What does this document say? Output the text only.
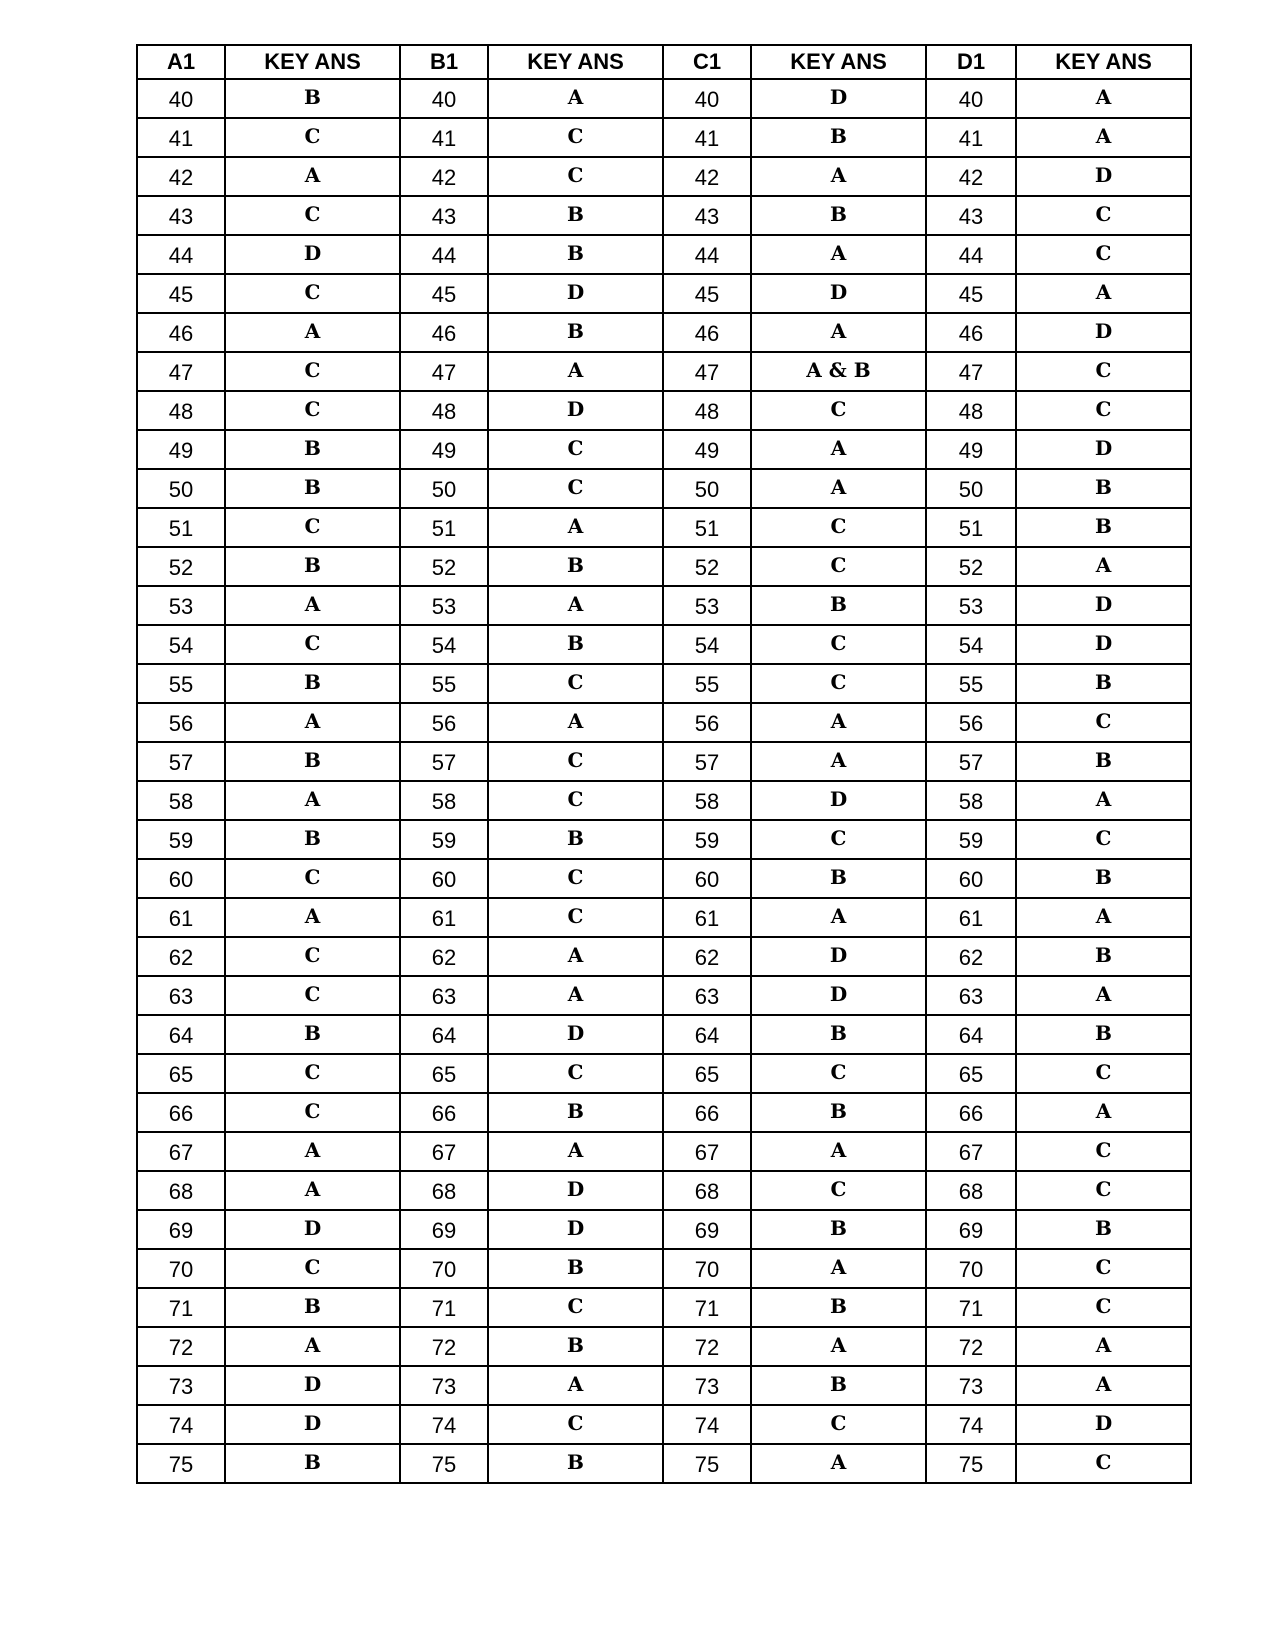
A1	KEY ANS	B1	KEY ANS	C1	KEY ANS	D1	KEY ANS
40	B	40	A	40	D	40	A
41	C	41	C	41	B	41	A
42	A	42	C	42	A	42	D
43	C	43	B	43	B	43	C
44	D	44	B	44	A	44	C
45	C	45	D	45	D	45	A
46	A	46	B	46	A	46	D
47	C	47	A	47	A & B	47	C
48	C	48	D	48	C	48	C
49	B	49	C	49	A	49	D
50	B	50	C	50	A	50	B
51	C	51	A	51	C	51	B
52	B	52	B	52	C	52	A
53	A	53	A	53	B	53	D
54	C	54	B	54	C	54	D
55	B	55	C	55	C	55	B
56	A	56	A	56	A	56	C
57	B	57	C	57	A	57	B
58	A	58	C	58	D	58	A
59	B	59	B	59	C	59	C
60	C	60	C	60	B	60	B
61	A	61	C	61	A	61	A
62	C	62	A	62	D	62	B
63	C	63	A	63	D	63	A
64	B	64	D	64	B	64	B
65	C	65	C	65	C	65	C
66	C	66	B	66	B	66	A
67	A	67	A	67	A	67	C
68	A	68	D	68	C	68	C
69	D	69	D	69	B	69	B
70	C	70	B	70	A	70	C
71	B	71	C	71	B	71	C
72	A	72	B	72	A	72	A
73	D	73	A	73	B	73	A
74	D	74	C	74	C	74	D
75	B	75	B	75	A	75	C
